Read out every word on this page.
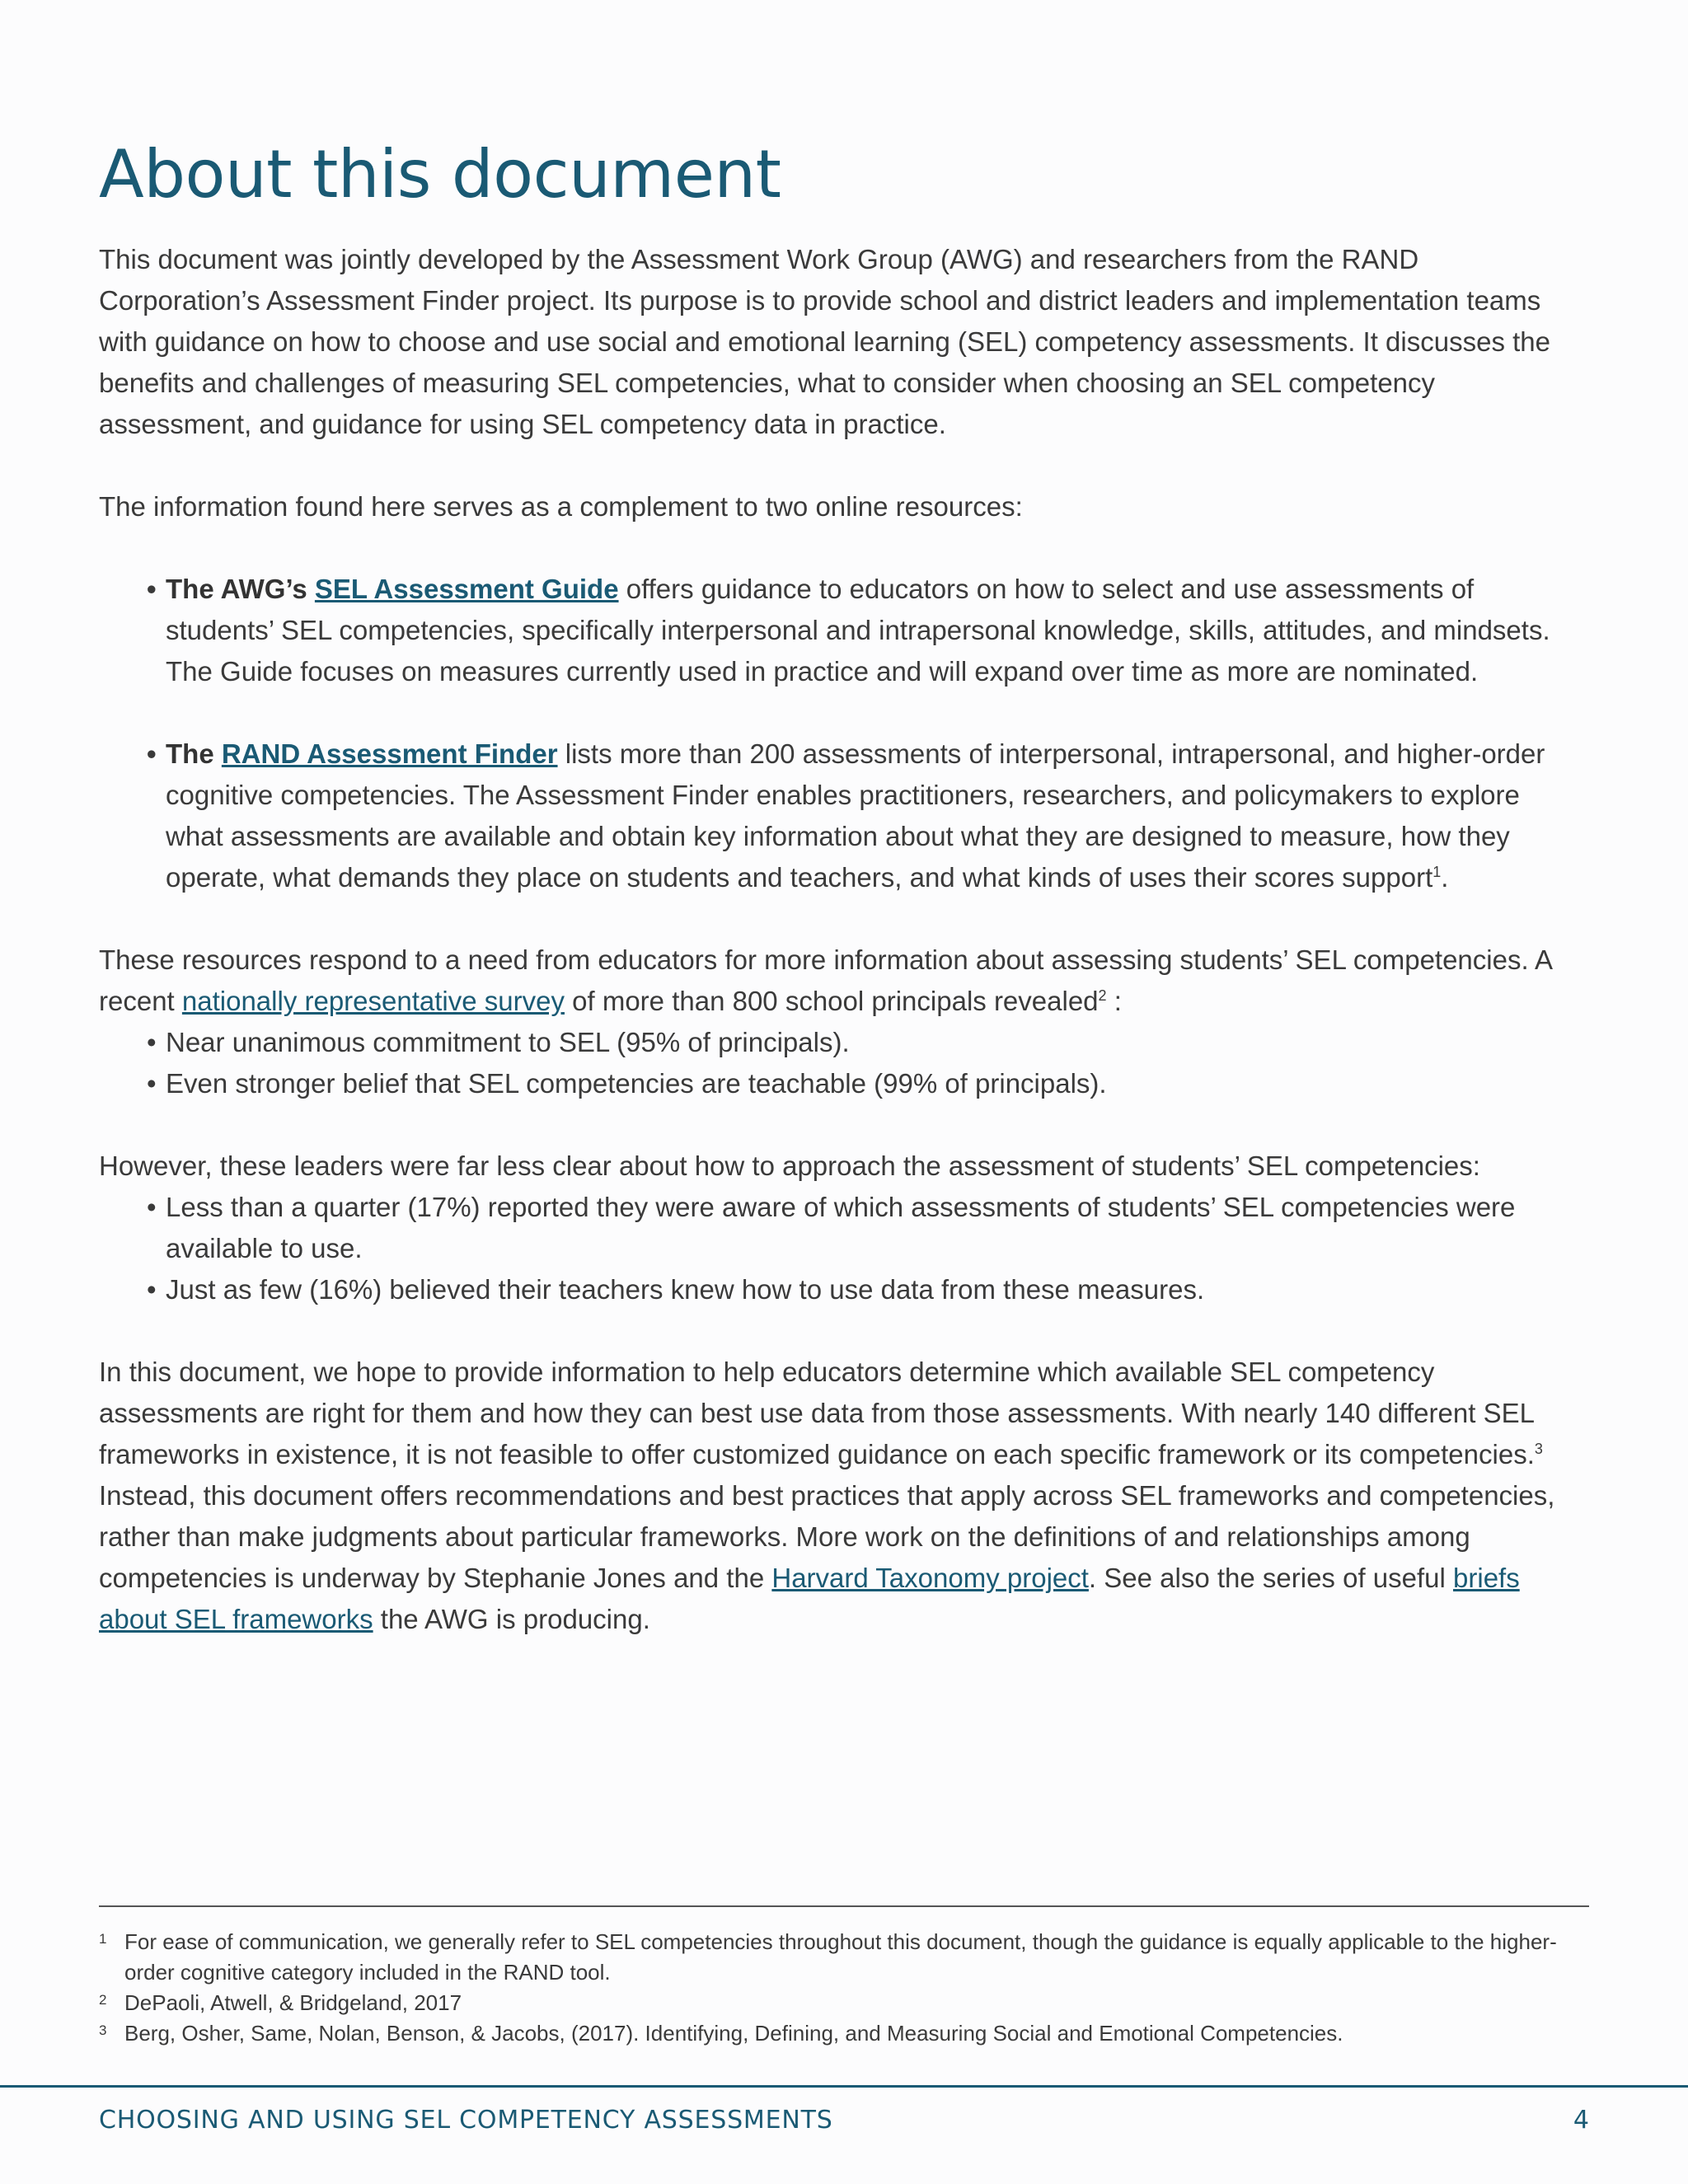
About this document

This document was jointly developed by the Assessment Work Group (AWG) and researchers from the RAND Corporation’s Assessment Finder project. Its purpose is to provide school and district leaders and implementation teams with guidance on how to choose and use social and emotional learning (SEL) competency assessments. It discusses the benefits and challenges of measuring SEL competencies, what to consider when choosing an SEL competency assessment, and guidance for using SEL competency data in practice.

The information found here serves as a complement to two online resources:

• The AWG’s SEL Assessment Guide offers guidance to educators on how to select and use assessments of students’ SEL competencies, specifically interpersonal and intrapersonal knowledge, skills, attitudes, and mindsets. The Guide focuses on measures currently used in practice and will expand over time as more are nominated.
• The RAND Assessment Finder lists more than 200 assessments of interpersonal, intrapersonal, and higher-order cognitive competencies. The Assessment Finder enables practitioners, researchers, and policymakers to explore what assessments are available and obtain key information about what they are designed to measure, how they operate, what demands they place on students and teachers, and what kinds of uses their scores support$^1$.

These resources respond to a need from educators for more information about assessing students’ SEL competencies. A recent nationally representative survey of more than 800 school principals revealed$^2$ :

• Near unanimous commitment to SEL (95% of principals).
• Even stronger belief that SEL competencies are teachable (99% of principals).

However, these leaders were far less clear about how to approach the assessment of students’ SEL competencies:

• Less than a quarter (17%) reported they were aware of which assessments of students’ SEL competencies were available to use.
• Just as few (16%) believed their teachers knew how to use data from these measures.

In this document, we hope to provide information to help educators determine which available SEL competency assessments are right for them and how they can best use data from those assessments. With nearly 140 different SEL frameworks in existence, it is not feasible to offer customized guidance on each specific framework or its competencies.$^3$ Instead, this document offers recommendations and best practices that apply across SEL frameworks and competencies, rather than make judgments about particular frameworks. More work on the definitions of and relationships among competencies is underway by Stephanie Jones and the Harvard Taxonomy project. See also the series of useful briefs about SEL frameworks the AWG is producing.

1 For ease of communication, we generally refer to SEL competencies throughout this document, though the guidance is equally applicable to the higher-order cognitive category included in the RAND tool.
2 DePaoli, Atwell, & Bridgeland, 2017
3 Berg, Osher, Same, Nolan, Benson, & Jacobs, (2017). Identifying, Defining, and Measuring Social and Emotional Competencies.
CHOOSING AND USING SEL COMPETENCY ASSESSMENTS	4
